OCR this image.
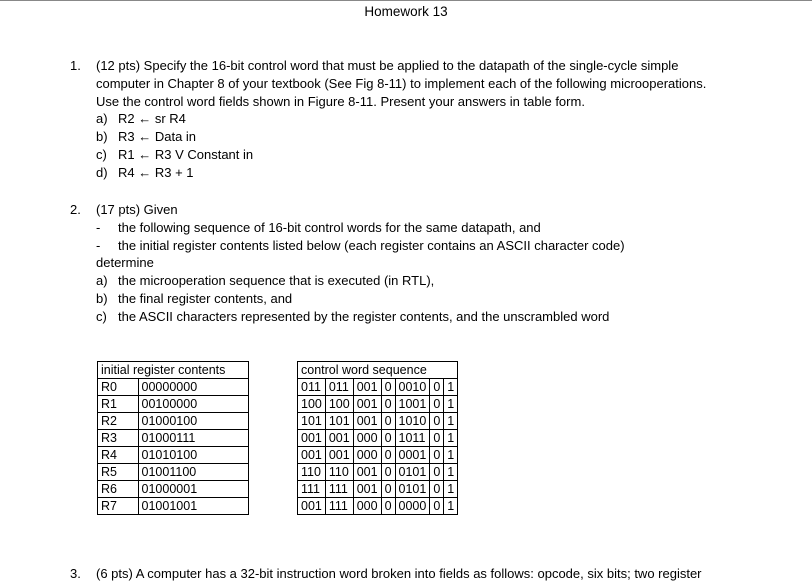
Homework 13
1. (12 pts) Specify the 16-bit control word that must be applied to the datapath of the single-cycle simple
computer in Chapter 8 of your textbook (See Fig 8-11) to implement each of the following microoperations.
Use the control word fields shown in Figure 8-11. Present your answers in table form.
a) R2 ← sr R4
b) R3 ← Data in
c) R1 ← R3 V Constant in
d) R4 ← R3 + 1
2. (17 pts) Given
- the following sequence of 16-bit control words for the same datapath, and
- the initial register contents listed below (each register contains an ASCII character code)
determine
a) the microoperation sequence that is executed (in RTL),
b) the final register contents, and
c) the ASCII characters represented by the register contents, and the unscrambled word
initial register contents	
R0	00000000
R1	00100000
R2	01000100
R3	01000111
R4	01010100
R5	01001100
R6	01000001
R7	01001001
control word sequence						
011	011	001	0	0010	0	1
100	100	001	0	1001	0	1
101	101	001	0	1010	0	1
001	001	000	0	1011	0	1
001	001	000	0	0001	0	1
110	110	001	0	0101	0	1
111	111	001	0	0101	0	1
001	111	000	0	0000	0	1
3. (6 pts) A computer has a 32-bit instruction word broken into fields as follows: opcode, six bits; two register
